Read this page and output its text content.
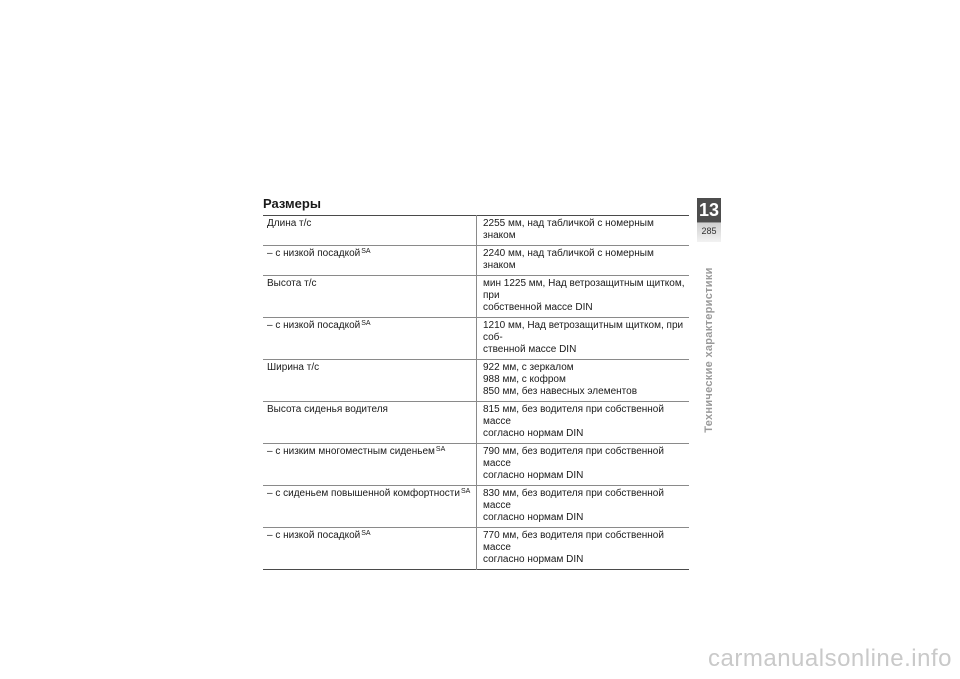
Размеры
Длина т/с	2255 мм, над табличкой с номерным знаком

– с низкой посадкой$^{SA}$	2240 мм, над табличкой с номерным знаком

Высота т/с	мин 1225 мм, Над ветрозащитным щитком, при
собственной массе DIN

– с низкой посадкой$^{SA}$	1210 мм, Над ветрозащитным щитком, при соб-
ственной массе DIN

Ширина т/с	922 мм, с зеркалом
988 мм, с кофром
850 мм, без навесных элементов

Высота сиденья водителя	815 мм, без водителя при собственной массе
согласно нормам DIN

– с низким многоместным сиденьем$^{SA}$	790 мм, без водителя при собственной массе
согласно нормам DIN

– с сиденьем повышенной комфортности$^{SA}$	830 мм, без водителя при собственной массе
согласно нормам DIN

– с низкой посадкой$^{SA}$	770 мм, без водителя при собственной массе
согласно нормам DIN
13
285
Технические характеристики
carmanualsonline.info
